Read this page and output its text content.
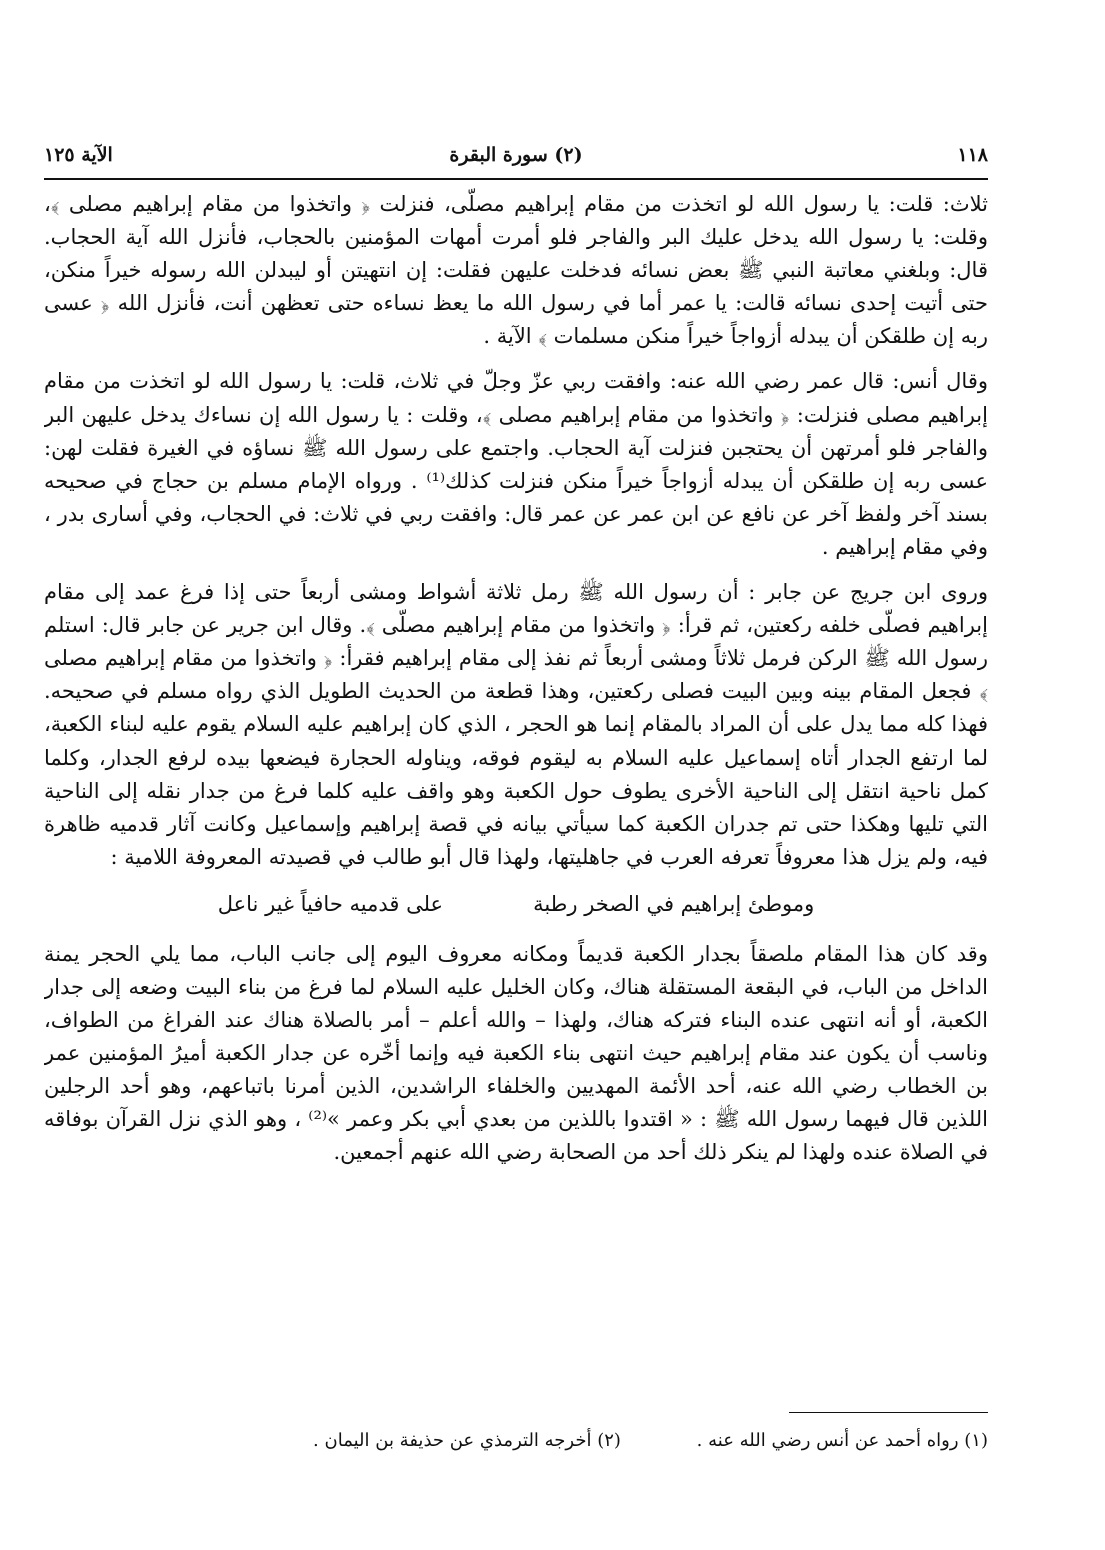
١١٨
(٢) سورة البقرة
الآية ١٢٥

ثلاث: قلت: يا رسول الله لو اتخذت من مقام إبراهيم مصلّى، فنزلت ﴿ واتخذوا من مقام إبراهيم مصلى ﴾، وقلت: يا رسول الله يدخل عليك البر والفاجر فلو أمرت أمهات المؤمنين بالحجاب، فأنزل الله آية الحجاب. قال: وبلغني معاتبة النبي ﷺ بعض نسائه فدخلت عليهن فقلت: إن انتهيتن أو ليبدلن الله رسوله خيراً منكن، حتى أتيت إحدى نسائه قالت: يا عمر أما في رسول الله ما يعظ نساءه حتى تعظهن أنت، فأنزل الله ﴿ عسى ربه إن طلقكن أن يبدله أزواجاً خيراً منكن مسلمات ﴾ الآية .

وقال أنس: قال عمر رضي الله عنه: وافقت ربي عزّ وجلّ في ثلاث، قلت: يا رسول الله لو اتخذت من مقام إبراهيم مصلى فنزلت: ﴿ واتخذوا من مقام إبراهيم مصلى ﴾، وقلت : يا رسول الله إن نساءك يدخل عليهن البر والفاجر فلو أمرتهن أن يحتجبن فنزلت آية الحجاب. واجتمع على رسول الله ﷺ نساؤه في الغيرة فقلت لهن: عسى ربه إن طلقكن أن يبدله أزواجاً خيراً منكن فنزلت كذلك⁽¹⁾ . ورواه الإمام مسلم بن حجاج في صحيحه بسند آخر ولفظ آخر عن نافع عن ابن عمر عن عمر قال: وافقت ربي في ثلاث: في الحجاب، وفي أسارى بدر ، وفي مقام إبراهيم .

وروى ابن جريج عن جابر : أن رسول الله ﷺ رمل ثلاثة أشواط ومشى أربعاً حتى إذا فرغ عمد إلى مقام إبراهيم فصلّى خلفه ركعتين، ثم قرأ: ﴿ واتخذوا من مقام إبراهيم مصلّى ﴾. وقال ابن جرير عن جابر قال: استلم رسول الله ﷺ الركن فرمل ثلاثاً ومشى أربعاً ثم نفذ إلى مقام إبراهيم فقرأ: ﴿ واتخذوا من مقام إبراهيم مصلى ﴾ فجعل المقام بينه وبين البيت فصلى ركعتين، وهذا قطعة من الحديث الطويل الذي رواه مسلم في صحيحه. فهذا كله مما يدل على أن المراد بالمقام إنما هو الحجر ، الذي كان إبراهيم عليه السلام يقوم عليه لبناء الكعبة، لما ارتفع الجدار أتاه إسماعيل عليه السلام به ليقوم فوقه، ويناوله الحجارة فيضعها بيده لرفع الجدار، وكلما كمل ناحية انتقل إلى الناحية الأخرى يطوف حول الكعبة وهو واقف عليه كلما فرغ من جدار نقله إلى الناحية التي تليها وهكذا حتى تم جدران الكعبة كما سيأتي بيانه في قصة إبراهيم وإسماعيل وكانت آثار قدميه ظاهرة فيه، ولم يزل هذا معروفاً تعرفه العرب في جاهليتها، ولهذا قال أبو طالب في قصيدته المعروفة اللامية :

وموطئ إبراهيم في الصخر رطبة
على قدميه حافياً غير ناعل

وقد كان هذا المقام ملصقاً بجدار الكعبة قديماً ومكانه معروف اليوم إلى جانب الباب، مما يلي الحجر يمنة الداخل من الباب، في البقعة المستقلة هناك، وكان الخليل عليه السلام لما فرغ من بناء البيت وضعه إلى جدار الكعبة، أو أنه انتهى عنده البناء فتركه هناك، ولهذا – والله أعلم – أمر بالصلاة هناك عند الفراغ من الطواف، وناسب أن يكون عند مقام إبراهيم حيث انتهى بناء الكعبة فيه وإنما أخّره عن جدار الكعبة أميرُ المؤمنين عمر بن الخطاب رضي الله عنه، أحد الأئمة المهديين والخلفاء الراشدين، الذين أمرنا باتباعهم، وهو أحد الرجلين اللذين قال فيهما رسول الله ﷺ : « اقتدوا باللذين من بعدي أبي بكر وعمر »⁽²⁾ ، وهو الذي نزل القرآن بوفاقه في الصلاة عنده ولهذا لم ينكر ذلك أحد من الصحابة رضي الله عنهم أجمعين.

(١) رواه أحمد عن أنس رضي الله عنه . (٢) أخرجه الترمذي عن حذيفة بن اليمان .
